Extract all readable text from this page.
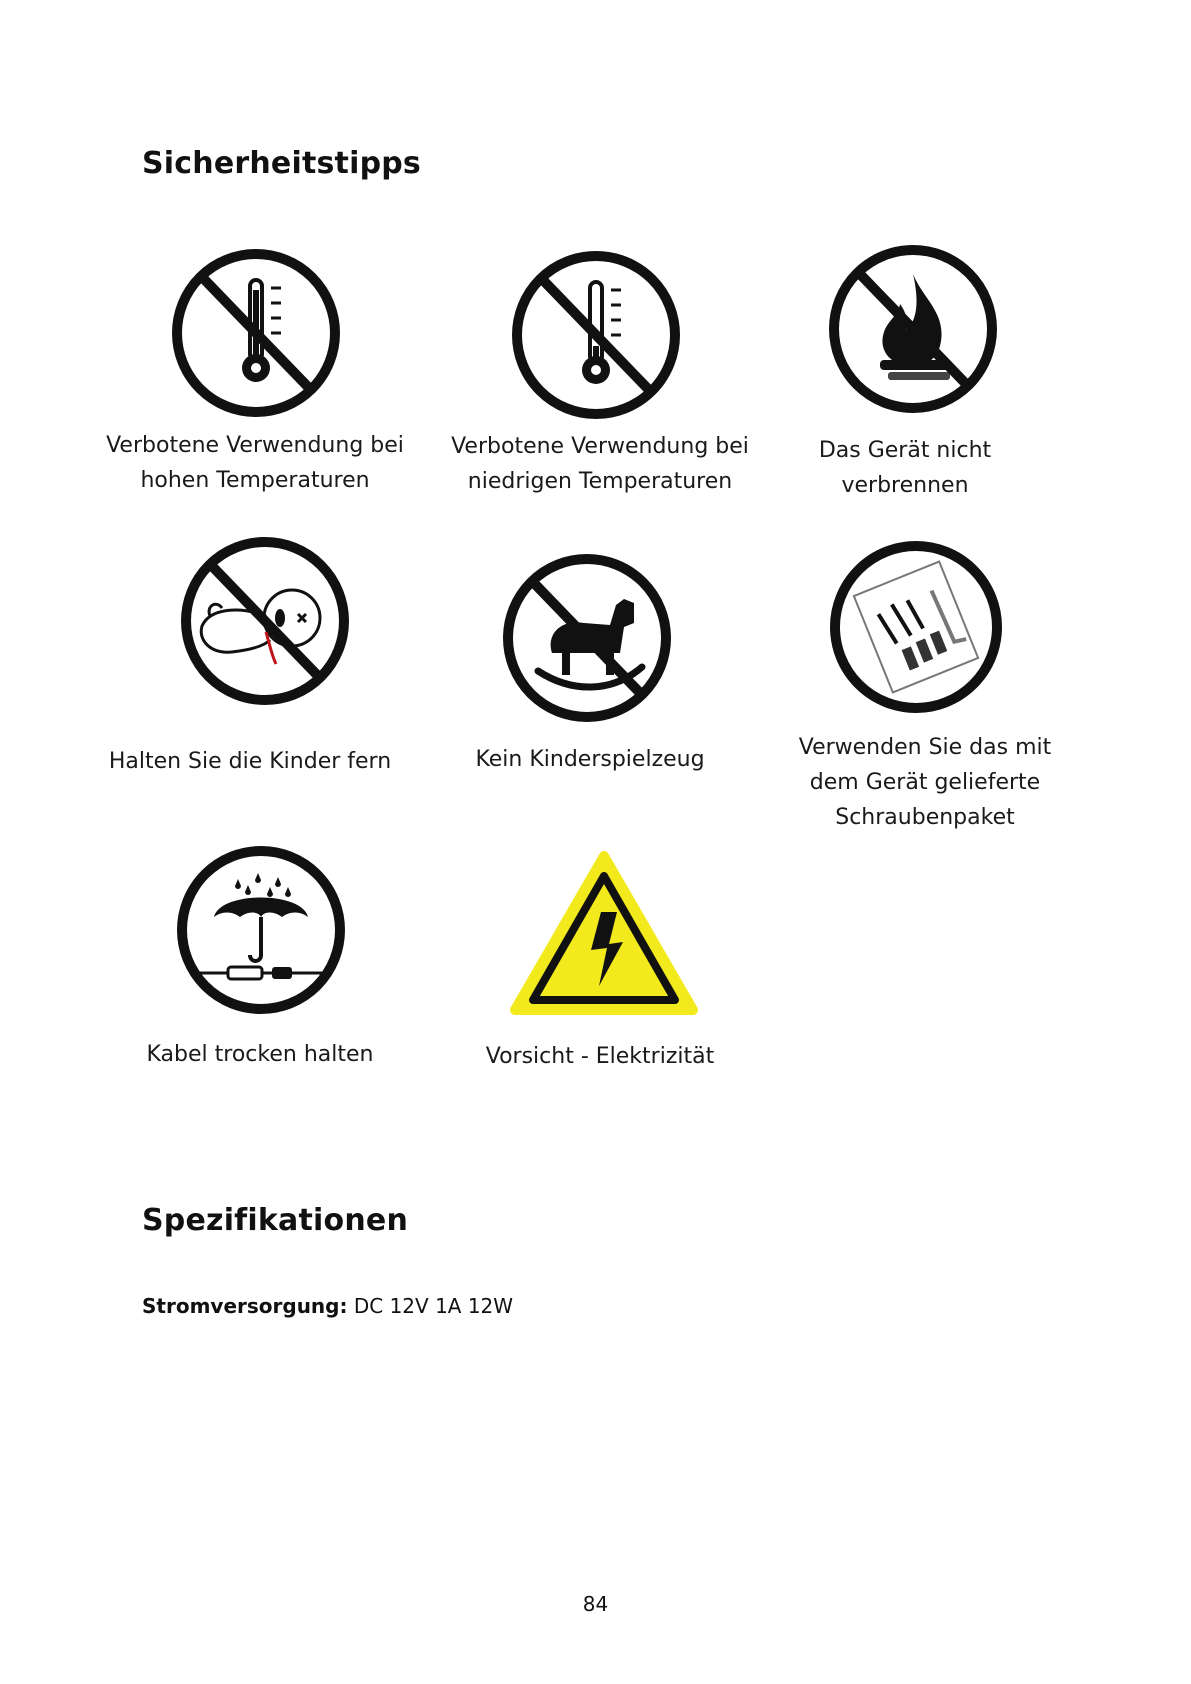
Sicherheitstipps
Verbotene Verwendung bei hohen Temperaturen
Verbotene Verwendung bei niedrigen Temperaturen
Das Gerät nicht verbrennen
Halten Sie die Kinder fern	Kein Kinderspielzeug	Verwenden Sie das mit dem Gerät gelieferte Schraubenpaket
Kabel trocken halten	Vorsicht - Elektrizität
Spezifikationen

Stromversorgung: DC 12V 1A 12W

84
